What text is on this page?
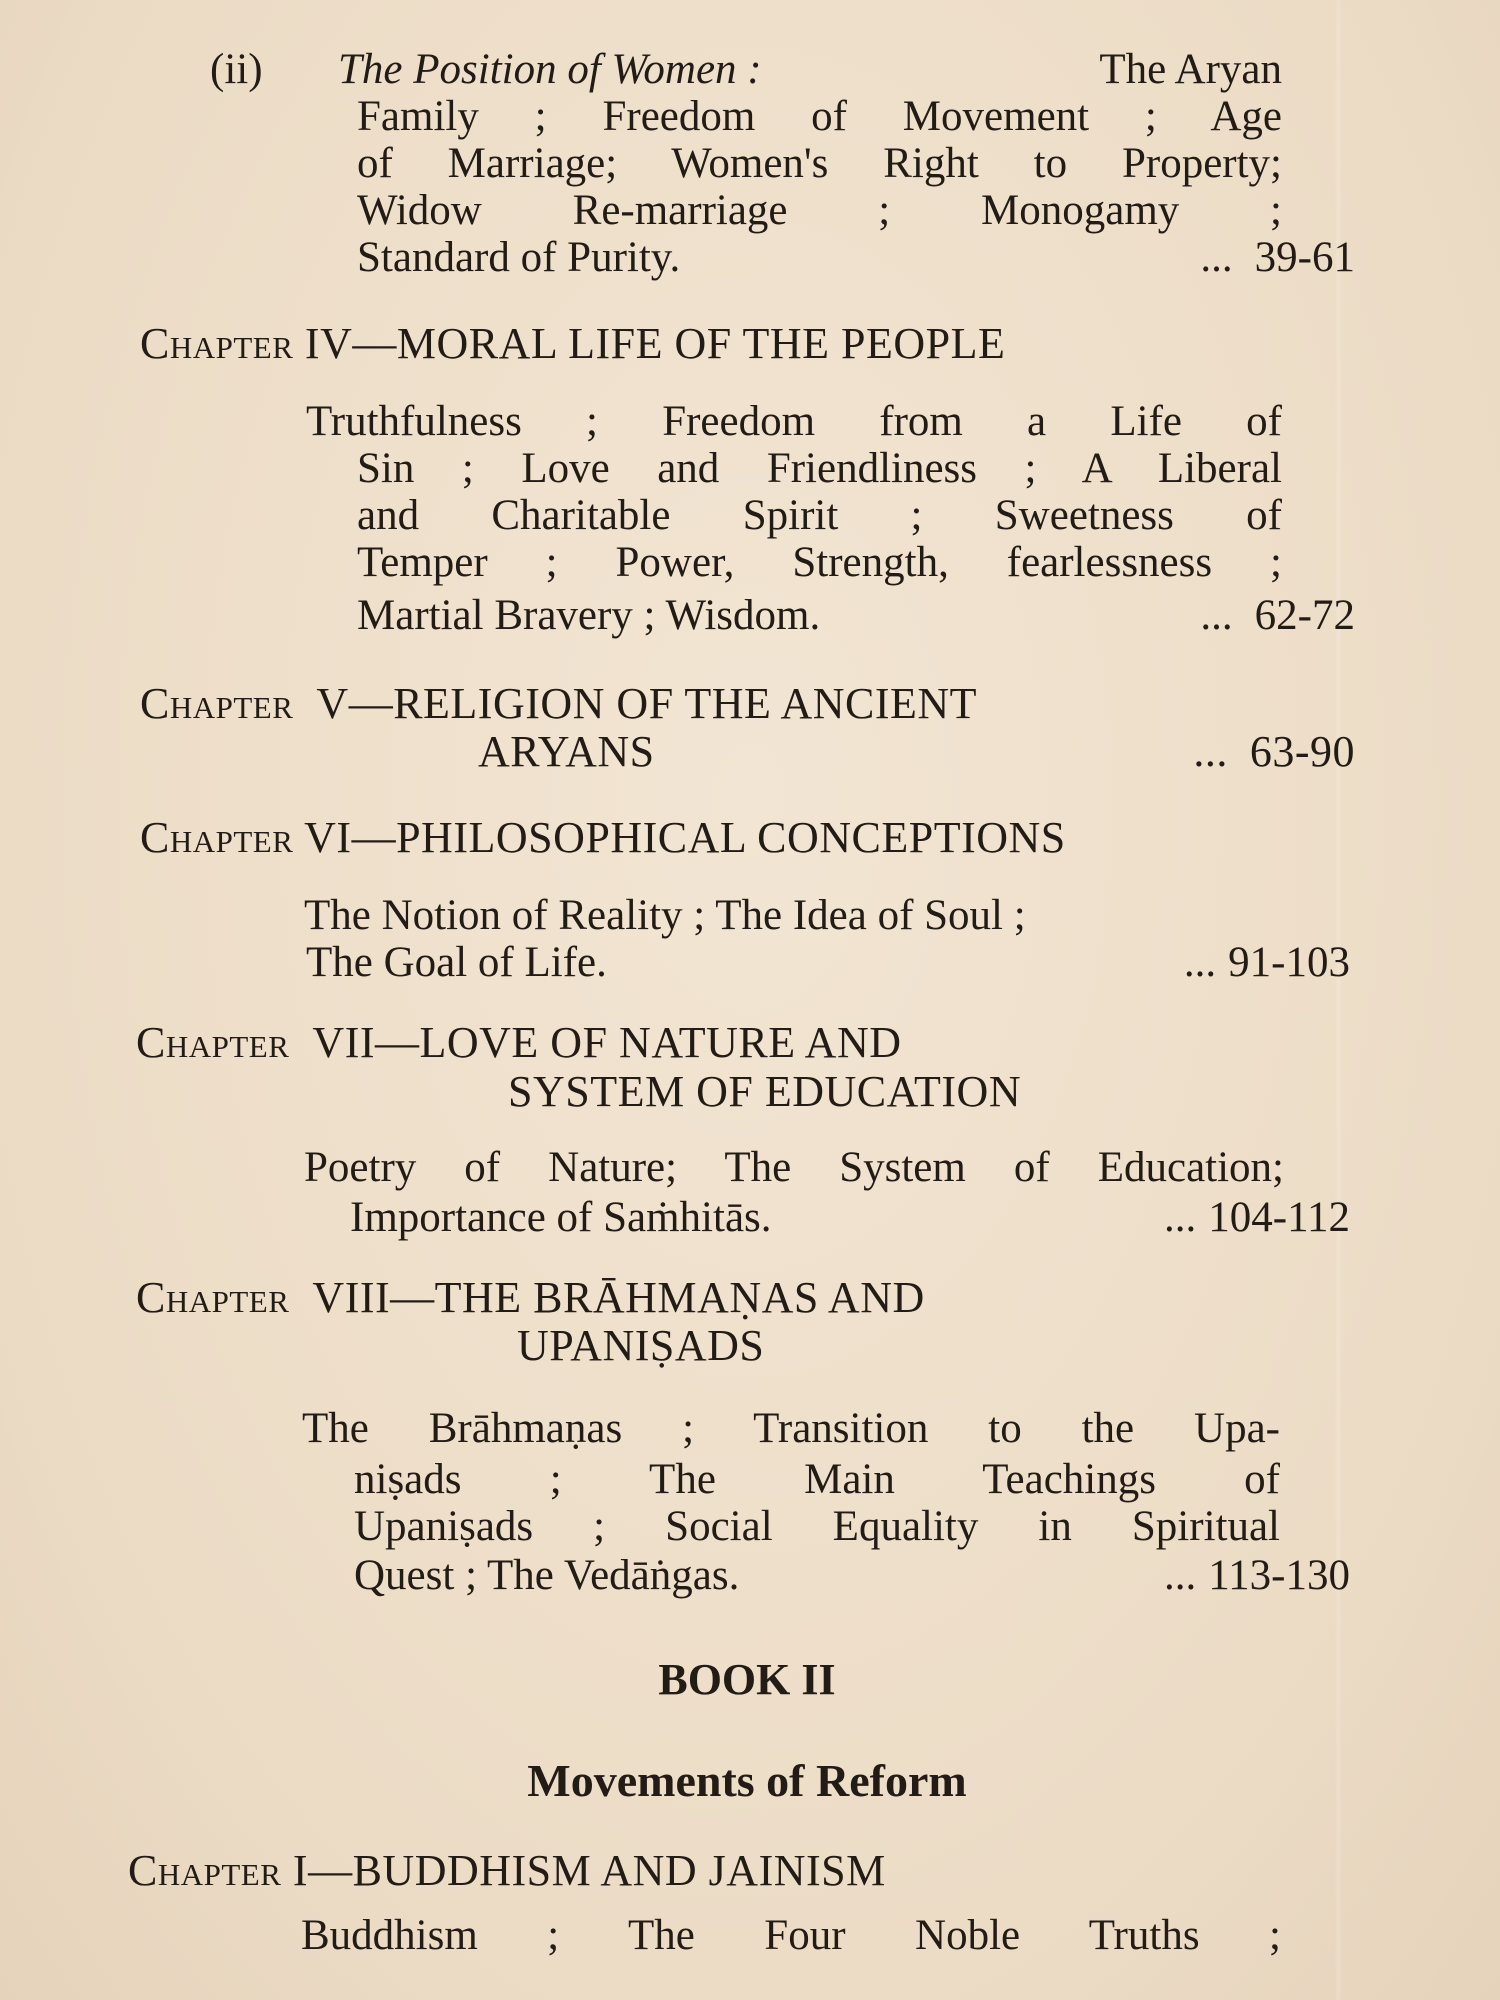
(ii) The Position of Women :	The Aryan
Family ; Freedom of Movement ; Age
of Marriage; Women's Right to Property;
Widow Re-marriage ; Monogamy ;
Standard of Purity.	... 39-61
Chapter IV—MORAL LIFE OF THE PEOPLE
Truthfulness ; Freedom from a Life of
Sin ; Love and Friendliness ; A Liberal
and Charitable Spirit ; Sweetness of
Temper ; Power, Strength, fearlessness ;
Martial Bravery ; Wisdom.	... 62-72
Chapter V—RELIGION OF THE ANCIENT
ARYANS	... 63-90
Chapter VI—PHILOSOPHICAL CONCEPTIONS
The Notion of Reality ; The Idea of Soul ;
The Goal of Life.	... 91-103
Chapter VII—LOVE OF NATURE AND
SYSTEM OF EDUCATION
Poetry of Nature; The System of Education;
Importance of Saṁhitās.	... 104-112
Chapter VIII—THE BRĀHMAṆAS AND
UPANIṢADS
The Brāhmaṇas ; Transition to the Upa-
niṣads ; The Main Teachings of
Upaniṣads ; Social Equality in Spiritual
Quest ; The Vedāṅgas.	... 113-130
BOOK II
Movements of Reform
Chapter I—BUDDHISM AND JAINISM
Buddhism ; The Four Noble Truths ;
